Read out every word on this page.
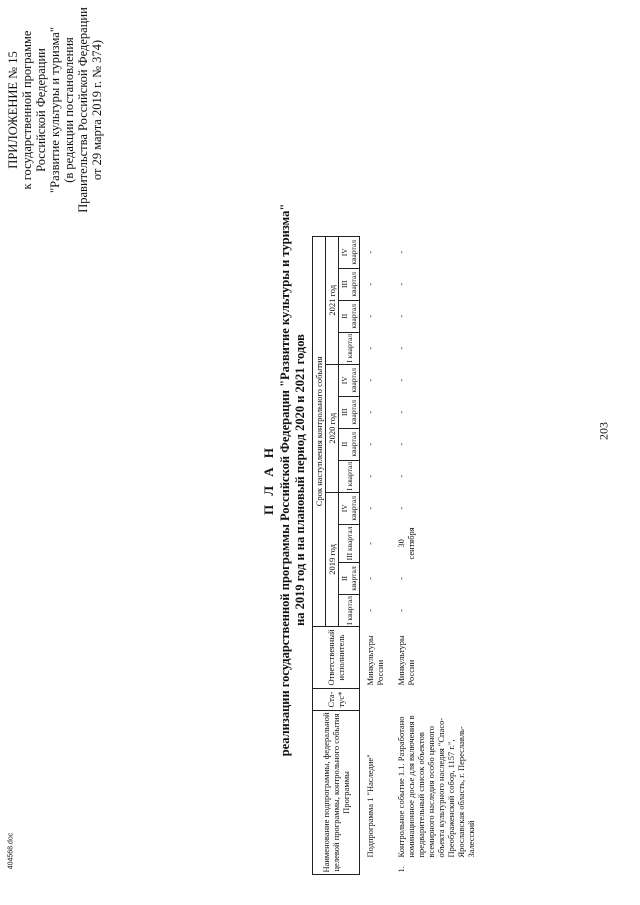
203
404568.doc
ПРИЛОЖЕНИЕ № 15 к государственной программе Российской Федерации "Развитие культуры и туризма" (в редакции постановления Правительства Российской Федерации от 29 марта 2019 г. № 374)
П Л А Н реализации государственной программы Российской Федерации "Развитие культуры и туризма" на 2019 год и на плановый период 2020 и 2021 годов
Наименование подпрограммы, федеральной целевой программы, контрольного события Программы		Ста-тус*	Ответственный исполнитель	Срок наступления контрольного события											
				2019 год				2020 год				2021 год			
				I квартал	II квартал	III квартал	IV квартал	I квартал	II квартал	III квартал	IV квартал	I квартал	II квартал	III квартал	IV квартал
	Подпрограмма 1 "Наследие"		Минкультуры России	-	-	-	-	-	-	-	-	-	-	-	-
1.	Контрольное событие 1.1. Разработано номинационное досье для включения в предварительный список объектов всемирного наследия особо ценного объекта культурного наследия "Спасо-Преображенский собор, 1157 г.", Ярославская область, г. Переславль-Залесский		Минкультуры России	-	-	30 сентября	-	-	-	-	-	-	-	-	-
